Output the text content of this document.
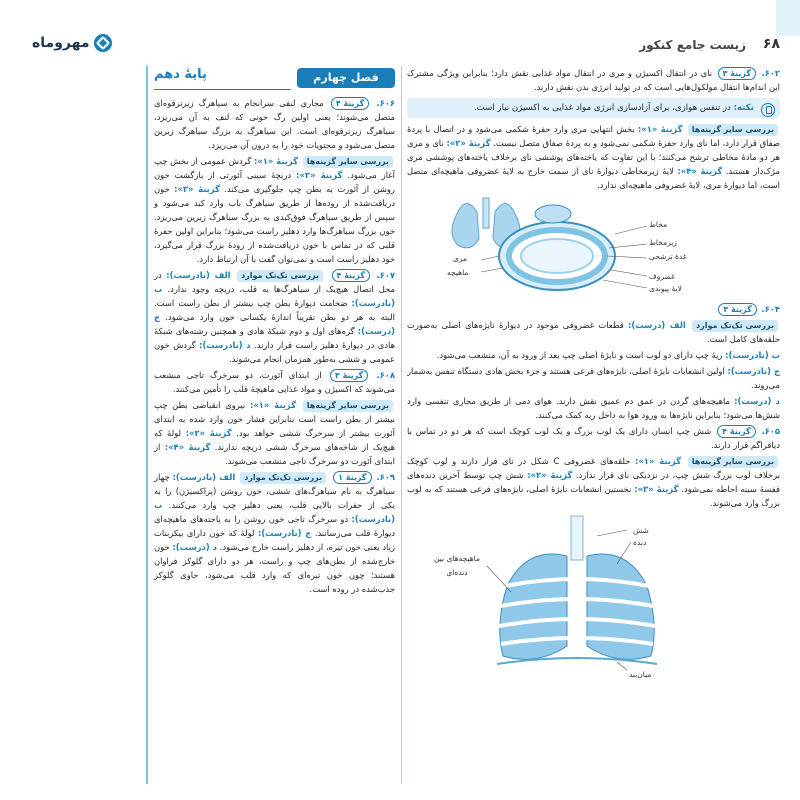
۶۸
زیست جامع کنکور
مهروماه

۶۰۲. گزینهٔ ۳ نای در انتقال اکسیژن و مری در انتقال مواد غذایی نقش دارد؛ بنابراین ویژگی مشترک این اندام‌ها انتقال مولکول‌هایی است که در تولید انرژی بدن نقش دارند.

نکته: در تنفس هوازی، برای آزادسازی انرژی مواد غذایی به اکسیژن نیاز است.

بررسی سایر گزینه‌ها گزینهٔ «۱»: بخش انتهایی مری وارد حفرهٔ شکمی می‌شود و در اتصال با پردهٔ صفاق قرار دارد، اما نای وارد حفرهٔ شکمی نمی‌شود و به پردهٔ صفاق متصل نیست. گزینهٔ «۲»: نای و مری هر دو مادهٔ مخاطی ترشح می‌کنند؛ با این تفاوت که یاخته‌های پوششی نای برخلاف یاخته‌های پوششی مری مژک‌دار هستند. گزینهٔ «۴»: لایهٔ زیرمخاطی دیوارهٔ نای از سمت خارج به لایهٔ غضروفی ماهیچه‌ای متصل است، اما دیوارهٔ مری، لایهٔ غضروفی ماهیچه‌ای ندارد.

مخاط
زیرمخاط
غدهٔ ترشحی
غضروف
لایهٔ پیوندی
مری
ماهیچه

۶۰۴. گزینهٔ ۳

بررسی تک‌تک موارد الف (درست): قطعات غضروفی موجود در دیوارهٔ نایژه‌های اصلی به‌صورت حلقه‌های کامل است.

ب (نادرست): ریهٔ چپ دارای دو لوب است و نایژهٔ اصلی چپ بعد از ورود به آن، منشعب می‌شود.

ج (نادرست): اولین انشعابات نایژهٔ اصلی، نایژه‌های فرعی هستند و جزء بخش هادی دستگاه تنفس به‌شمار می‌روند.

د (درست): ماهیچه‌های گردن در عمق دم عمیق نقش دارند. هوای دمی از طریق مجاری تنفسی وارد شش‌ها می‌شود؛ بنابراین نایژه‌ها به ورود هوا به داخل ریه کمک می‌کنند.

۶۰۵. گزینهٔ ۴ شش چپ انسان دارای یک لوب بزرگ و یک لوب کوچک است که هر دو در تماس با دیافراگم قرار دارند.

بررسی سایر گزینه‌ها گزینهٔ «۱»: حلقه‌های غضروفی C شکل در نای قرار دارند و لوب کوچک برخلاف لوب بزرگ شش چپ، در نزدیکی نای قرار ندارد. گزینهٔ «۲»: شش چپ توسط آخرین دنده‌های قفسهٔ سینه احاطه نمی‌شود. گزینهٔ «۳»: نخستین انشعابات نایژهٔ اصلی، نایژه‌های فرعی هستند که به لوب بزرگ وارد می‌شوند.

شش
دنده
ماهیچه‌های بین دنده‌ای
میان‌بند
فصل چهارم
پایهٔ دهم

۶۰۶. گزینهٔ ۴ مجاری لنفی سرانجام به سیاهرگ زیرترقوه‌ای متصل می‌شوند؛ یعنی اولین رگ خونی که لنف به آن می‌ریزد، سیاهرگ زیرترقوه‌ای است. این سیاهرگ به بزرگ سیاهرگ زبرین متصل می‌شود و محتویات خود را به درون آن می‌ریزد.

بررسی سایر گزینه‌ها گزینهٔ «۱»: گردش عمومی از بخش چپ آغاز می‌شود. گزینهٔ «۲»: دریچهٔ سینی آئورتی از بازگشت خون روشن از آئورت به بطن چپ جلوگیری می‌کند. گزینهٔ «۳»: خون دریافت‌شده از روده‌ها از طریق سیاهرگ باب وارد کبد می‌شود و سپس از طریق سیاهرگ فوق‌کبدی به بزرگ سیاهرگ زیرین می‌ریزد. خون بزرگ سیاهرگ‌ها وارد دهلیز راست می‌شود؛ بنابراین اولین حفرهٔ قلبی که در تماس با خون دریافت‌شده از رودهٔ بزرگ قرار می‌گیرد، خود دهلیز راست است و نمی‌توان گفت با آن ارتباط دارد.

۶۰۷. گزینهٔ ۴ بررسی تک‌تک موارد الف (نادرست): در محل اتصال هیچ‌یک از سیاهرگ‌ها به قلب، دریچه وجود ندارد. ب (نادرست): ضخامت دیوارهٔ بطن چپ بیشتر از بطن راست است. البته به هر دو بطن تقریباً اندازهٔ یکسانی خون وارد می‌شود. ج (درست): گره‌های اول و دوم شبکهٔ هادی و همچنین رشته‌های شبکهٔ هادی در دیوارهٔ دهلیز راست قرار دارند. د (نادرست): گردش خون عمومی و ششی به‌طور همزمان انجام می‌شوند.

۶۰۸. گزینهٔ ۳ از ابتدای آئورت، دو سرخرگ تاجی منشعب می‌شوند که اکسیژن و مواد غذایی ماهیچهٔ قلب را تأمین می‌کنند.

بررسی سایر گزینه‌ها گزینهٔ «۱»: نیروی انقباضی بطن چپ بیشتر از بطن راست است بنابراین فشار خون وارد شده به ابتدای آئورت بیشتر از سرخرگ ششی خواهد بود. گزینهٔ «۲»: لولهٔ که هیچ‌یک از شاخه‌های سرخرگ ششی دریچه ندارند. گزینهٔ «۴»: از ابتدای آئورت دو سرخرگ تاجی منشعب می‌شوند.

۶۰۹. گزینهٔ ۱ بررسی تک‌تک موارد الف (نادرست): چهار سیاهرگ به نام سیاهرگ‌های ششی، خون روشن (پراکسیژن) را به یکی از حفرات بالایی قلب، یعنی دهلیز چپ وارد می‌کنند. ب (نادرست): دو سرخرگ تاجی خون روشن را به یاخته‌های ماهیچه‌ای دیوارهٔ قلب می‌رسانند. ج (نادرست): لولهٔ که خون دارای بیکربنات زیاد یعنی خون تیره، از دهلیز راست خارج می‌شود. د (درست): خون خارج‌شده از بطن‌های چپ و راست، هر دو دارای گلوکز فراوان هستند؛ چون خون تیره‌ای که وارد قلب می‌شود، حاوی گلوکز جذب‌شده در روده است.
